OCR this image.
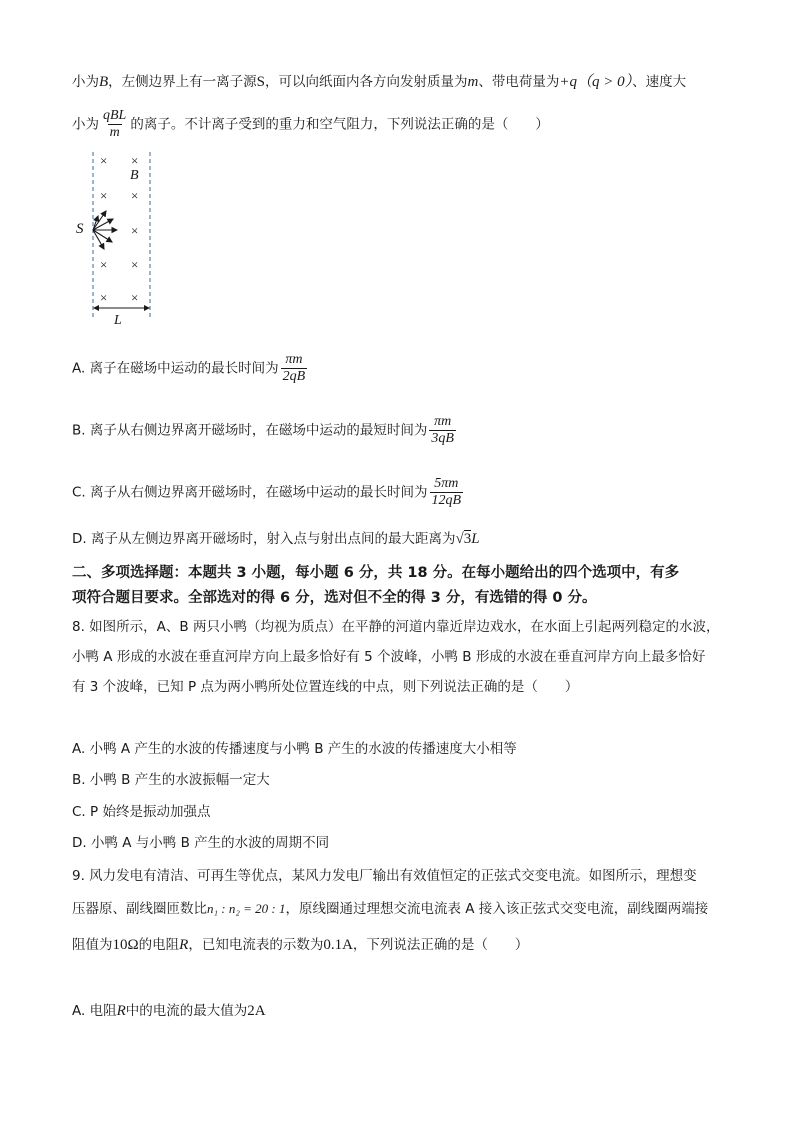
小为B，左侧边界上有一离子源S，可以向纸面内各方向发射质量为m、带电荷量为+q（q > 0）、速度大
小为 $\frac{\text{qBL}}{m}$ 的离子。不计离子受到的重力和空气阻力，下列说法正确的是（　　）
× ×
× ×
×
× ×
× ×
B
S
L
A. 离子在磁场中运动的最长时间为 $\frac{\pi m}{2qB}$
B. 离子从右侧边界离开磁场时，在磁场中运动的最短时间为 $\frac{\pi m}{3qB}$
C. 离子从右侧边界离开磁场时，在磁场中运动的最长时间为 $\frac{5\pi m}{12qB}$
D. 离子从左侧边界离开磁场时，射入点与射出点间的最大距离为√3L
二、多项选择题：本题共 3 小题，每小题 6 分，共 18 分。在每小题给出的四个选项中，有多
项符合题目要求。全部选对的得 6 分，选对但不全的得 3 分，有选错的得 0 分。
8. 如图所示，A、B 两只小鸭（均视为质点）在平静的河道内靠近岸边戏水，在水面上引起两列稳定的水波，
小鸭 A 形成的水波在垂直河岸方向上最多恰好有 5 个波峰，小鸭 B 形成的水波在垂直河岸方向上最多恰好
有 3 个波峰，已知 P 点为两小鸭所处位置连线的中点，则下列说法正确的是（　　）
A. 小鸭 A 产生的水波的传播速度与小鸭 B 产生的水波的传播速度大小相等
B. 小鸭 B 产生的水波振幅一定大
C. P 始终是振动加强点
D. 小鸭 A 与小鸭 B 产生的水波的周期不同
9. 风力发电有清洁、可再生等优点，某风力发电厂输出有效值恒定的正弦式交变电流。如图所示，理想变
压器原、副线圈匝数比n₁ : n₂ = 20 : 1，原线圈通过理想交流电流表 A 接入该正弦式交变电流，副线圈两端接
阻值为10Ω的电阻R，已知电流表的示数为0.1A，下列说法正确的是（　　）
A. 电阻R中的电流的最大值为2A
